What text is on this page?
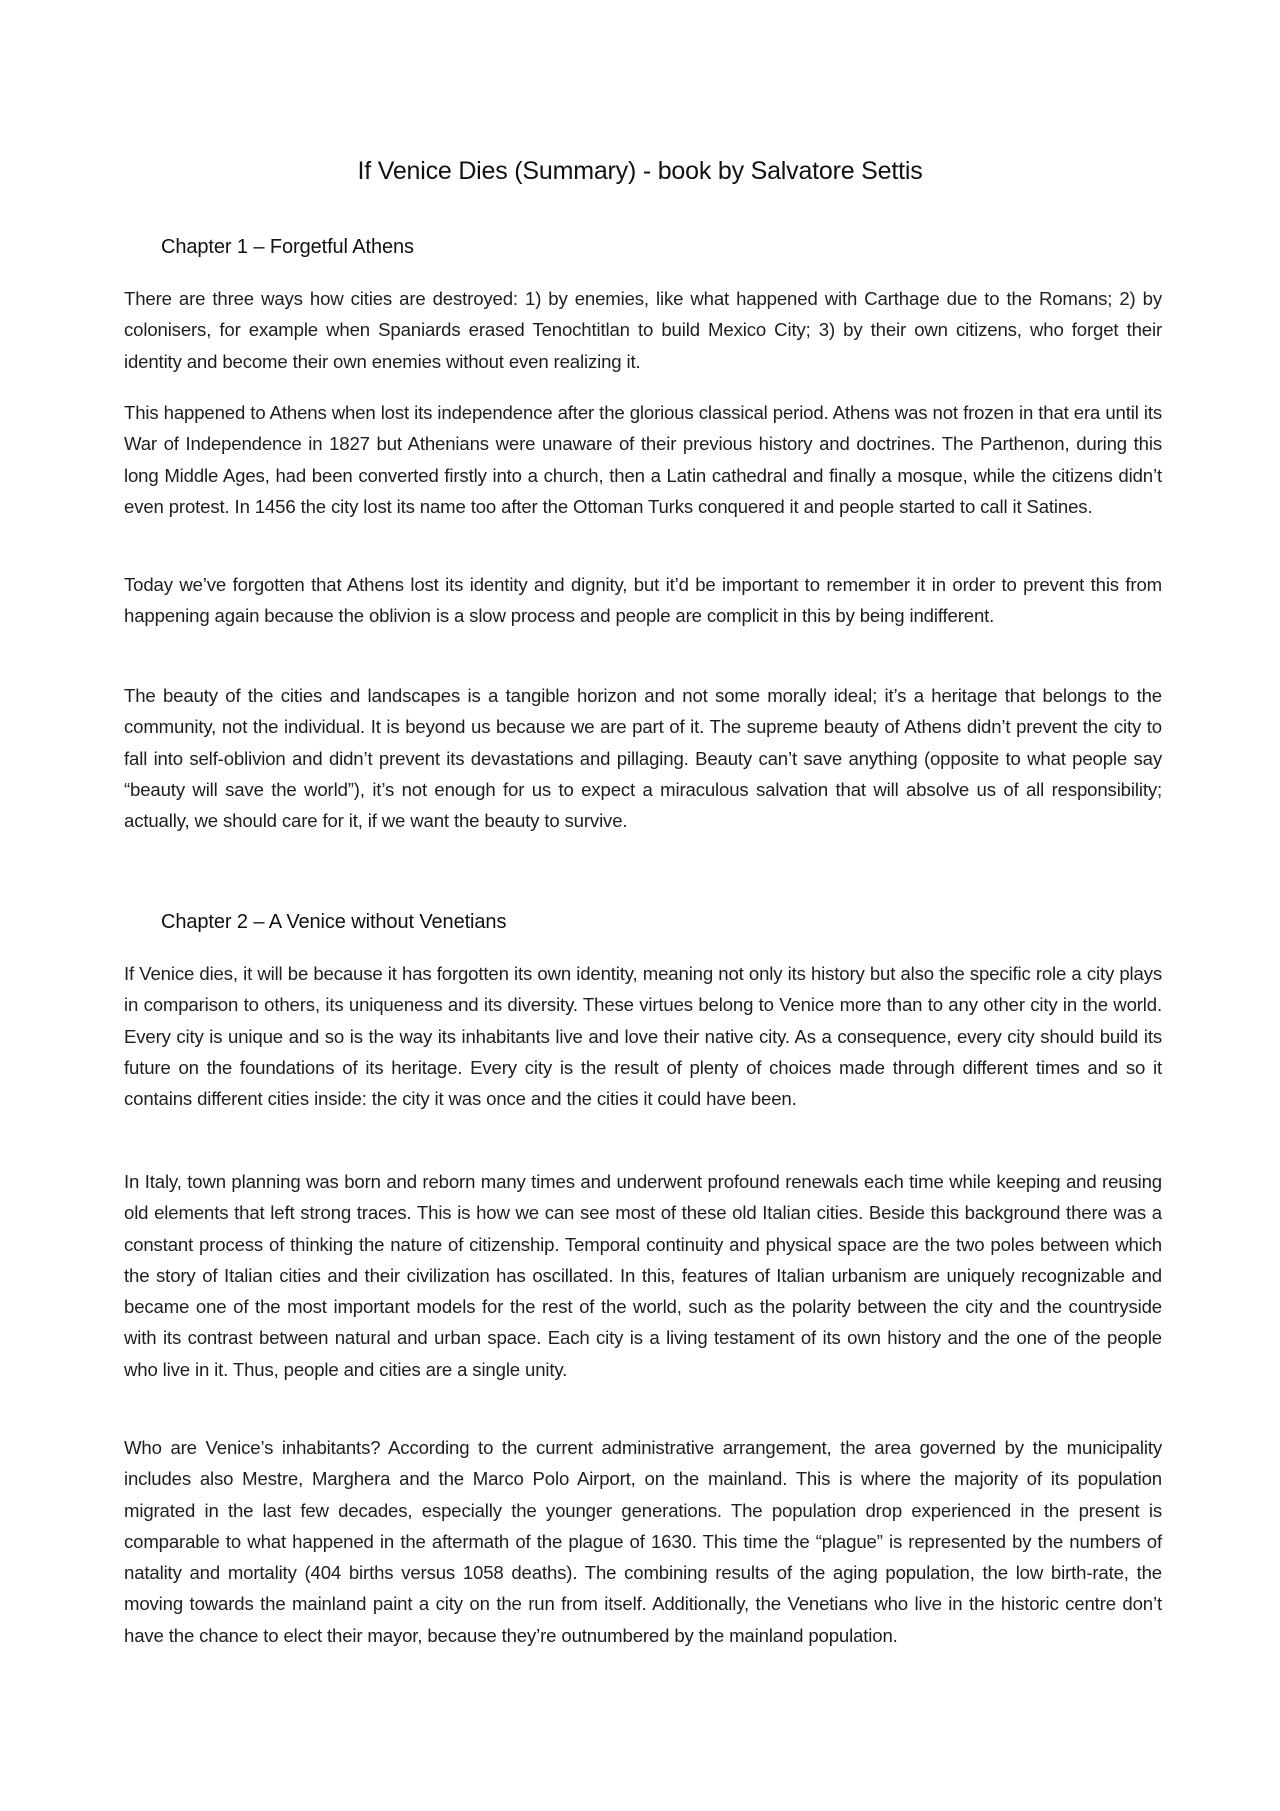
If Venice Dies (Summary) - book by Salvatore Settis
Chapter 1 – Forgetful Athens

There are three ways how cities are destroyed: 1) by enemies, like what happened with Carthage due to the Romans; 2) by colonisers, for example when Spaniards erased Tenochtitlan to build Mexico City; 3) by their own citizens, who forget their identity and become their own enemies without even realizing it.

This happened to Athens when lost its independence after the glorious classical period. Athens was not frozen in that era until its War of Independence in 1827 but Athenians were unaware of their previous history and doctrines. The Parthenon, during this long Middle Ages, had been converted firstly into a church, then a Latin cathedral and finally a mosque, while the citizens didn’t even protest. In 1456 the city lost its name too after the Ottoman Turks conquered it and people started to call it Satines.

Today we’ve forgotten that Athens lost its identity and dignity, but it’d be important to remember it in order to prevent this from happening again because the oblivion is a slow process and people are complicit in this by being indifferent.

The beauty of the cities and landscapes is a tangible horizon and not some morally ideal; it’s a heritage that belongs to the community, not the individual. It is beyond us because we are part of it. The supreme beauty of Athens didn’t prevent the city to fall into self-oblivion and didn’t prevent its devastations and pillaging. Beauty can’t save anything (opposite to what people say “beauty will save the world”), it’s not enough for us to expect a miraculous salvation that will absolve us of all responsibility; actually, we should care for it, if we want the beauty to survive.

Chapter 2 – A Venice without Venetians

If Venice dies, it will be because it has forgotten its own identity, meaning not only its history but also the specific role a city plays in comparison to others, its uniqueness and its diversity. These virtues belong to Venice more than to any other city in the world. Every city is unique and so is the way its inhabitants live and love their native city. As a consequence, every city should build its future on the foundations of its heritage. Every city is the result of plenty of choices made through different times and so it contains different cities inside: the city it was once and the cities it could have been.

In Italy, town planning was born and reborn many times and underwent profound renewals each time while keeping and reusing old elements that left strong traces. This is how we can see most of these old Italian cities. Beside this background there was a constant process of thinking the nature of citizenship. Temporal continuity and physical space are the two poles between which the story of Italian cities and their civilization has oscillated. In this, features of Italian urbanism are uniquely recognizable and became one of the most important models for the rest of the world, such as the polarity between the city and the countryside with its contrast between natural and urban space. Each city is a living testament of its own history and the one of the people who live in it. Thus, people and cities are a single unity.

Who are Venice’s inhabitants? According to the current administrative arrangement, the area governed by the municipality includes also Mestre, Marghera and the Marco Polo Airport, on the mainland. This is where the majority of its population migrated in the last few decades, especially the younger generations. The population drop experienced in the present is comparable to what happened in the aftermath of the plague of 1630. This time the “plague” is represented by the numbers of natality and mortality (404 births versus 1058 deaths). The combining results of the aging population, the low birth-rate, the moving towards the mainland paint a city on the run from itself. Additionally, the Venetians who live in the historic centre don’t have the chance to elect their mayor, because they’re outnumbered by the mainland population.
